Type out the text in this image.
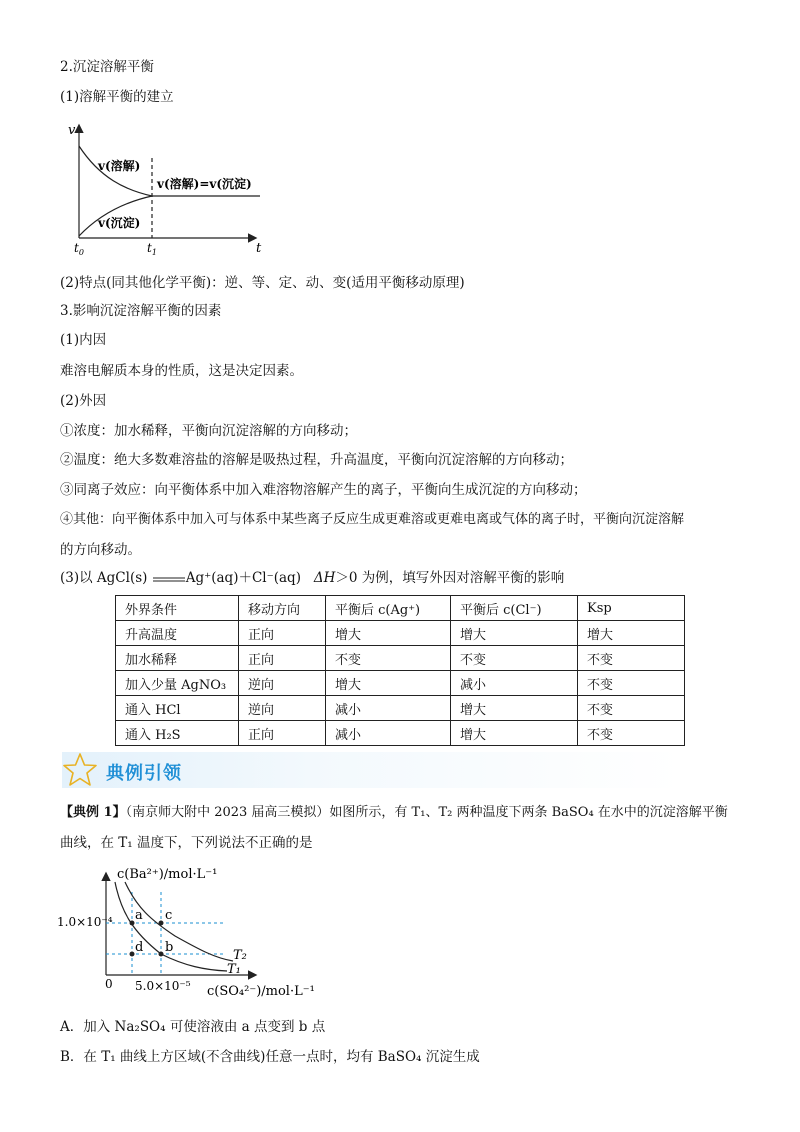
2.沉淀溶解平衡
(1)溶解平衡的建立
v
t
$t_0$	$t_1$
v(溶解)
v(沉淀)
v(溶解)=v(沉淀)
(2)特点(同其他化学平衡)：逆、等、定、动、变(适用平衡移动原理)
3.影响沉淀溶解平衡的因素
(1)内因
难溶电解质本身的性质，这是决定因素。
(2)外因
①浓度：加水稀释，平衡向沉淀溶解的方向移动；
②温度：绝大多数难溶盐的溶解是吸热过程，升高温度，平衡向沉淀溶解的方向移动；
③同离子效应：向平衡体系中加入难溶物溶解产生的离子，平衡向生成沉淀的方向移动；
④其他：向平衡体系中加入可与体系中某些离子反应生成更难溶或更难电离或气体的离子时，平衡向沉淀溶解
的方向移动。
(3)以 AgCl(s)	Ag⁺(aq)＋Cl⁻(aq) ΔH＞0 为例，填写外因对溶解平衡的影响
外界条件	移动方向	平衡后 c(Ag⁺)	平衡后 c(Cl⁻)	Ksp
升高温度	正向	增大	增大	增大
加水稀释	正向	不变	不变	不变
加入少量 AgNO₃	逆向	增大	减小	不变
通入 HCl	逆向	减小	增大	不变
通入 H₂S	正向	减小	增大	不变
典例引领
【典例 1】（南京师大附中 2023 届高三模拟）如图所示，有 T₁、T₂ 两种温度下两条 BaSO₄ 在水中的沉淀溶解平衡
曲线，在 T₁ 温度下，下列说法不正确的是
c(Ba²⁺)/mol·L⁻¹
c(SO₄²⁻)/mol·L⁻¹
1.0×10⁻⁴
5.0×10⁻⁵
0
a
b
c
d
T₁
T₂
A．加入 Na₂SO₄ 可使溶液由 a 点变到 b 点
B．在 T₁ 曲线上方区域(不含曲线)任意一点时，均有 BaSO₄ 沉淀生成
